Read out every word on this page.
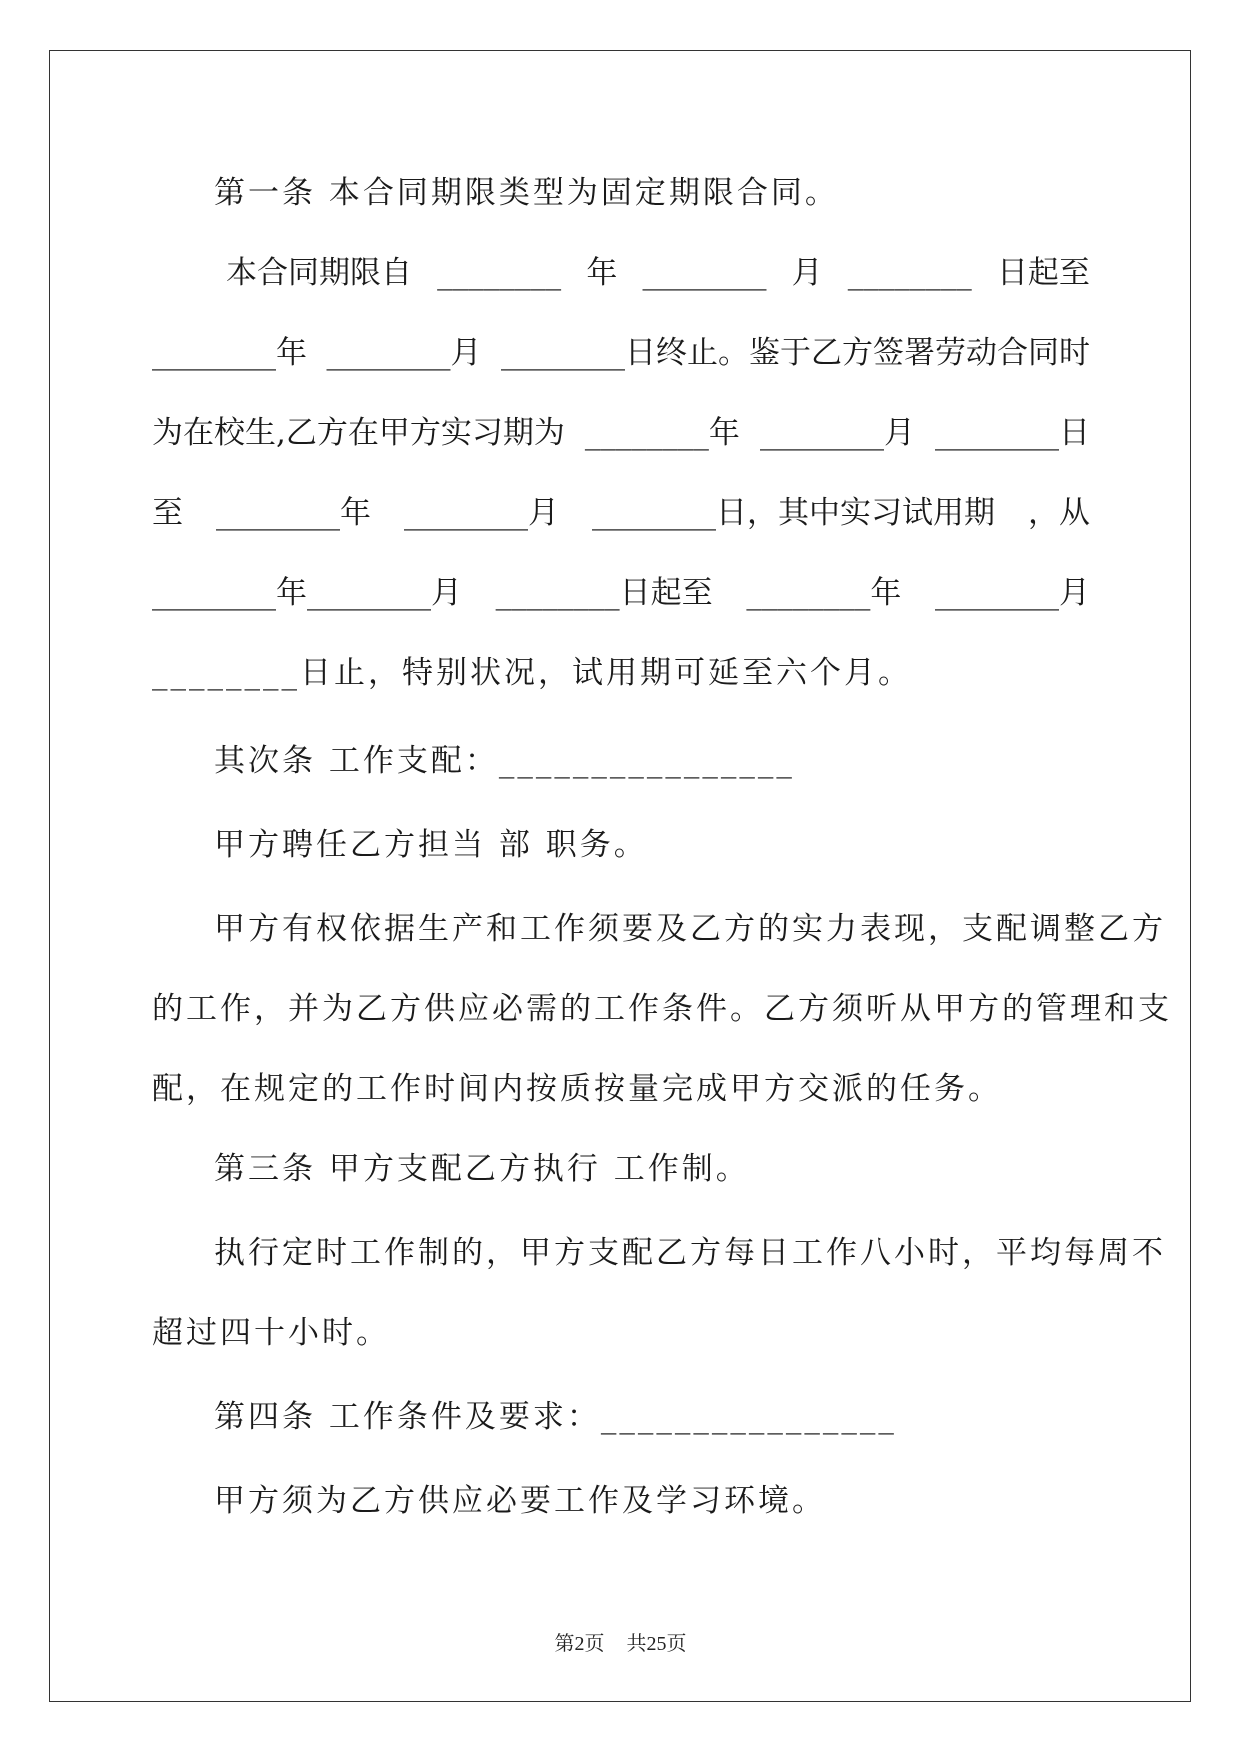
第一条 本合同期限类型为固定期限合同。
本合同期限自 ________ 年 ________ 月 ________ 日起至
________年 ________月 ________日终止。鉴于乙方签署劳动合同时
为在校生,乙方在甲方实习期为 ________年 ________月 ________日
至 ________年 ________月 ________日，其中实习试用期 ，从
________年________月 ________日起至 ________年 ________月
________日止，特别状况，试用期可延至六个月。
其次条 工作支配：________________
甲方聘任乙方担当 部 职务。
甲方有权依据生产和工作须要及乙方的实力表现，支配调整乙方
的工作，并为乙方供应必需的工作条件。乙方须听从甲方的管理和支
配，在规定的工作时间内按质按量完成甲方交派的任务。
第三条 甲方支配乙方执行 工作制。
执行定时工作制的，甲方支配乙方每日工作八小时，平均每周不
超过四十小时。
第四条 工作条件及要求：________________
甲方须为乙方供应必要工作及学习环境。
第2页 共25页
